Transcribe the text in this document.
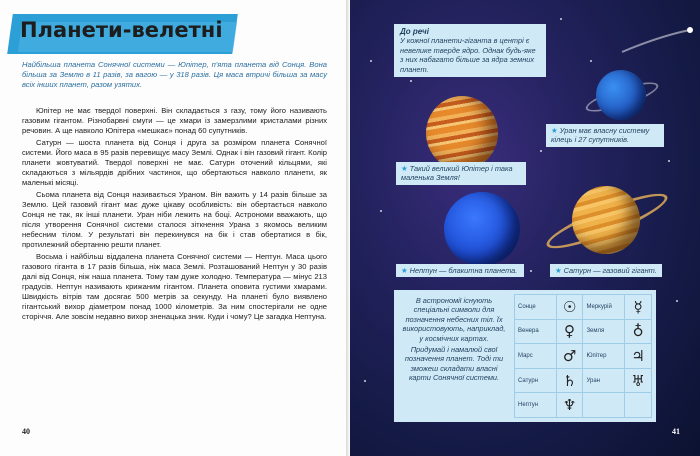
Планети-велетні

Найбільша планета Сонячної системи — Юпітер, п'ята планета від Сонця. Вона більша за Землю в 11 разів, за вагою — у 318 разів. Ця маса втричі більша за масу всіх інших планет, разом узятих.

Юпітер не має твердої поверхні. Він складається з газу, тому його називають газовим гігантом. Різнобарвні смуги — це хмари із замерзлими кристалами різних речовин. А ще навколо Юпітера «мешкає» понад 60 супутників.

Сатурн — шоста планета від Сонця і друга за розміром планета Сонячної системи. Його маса в 95 разів перевищує масу Землі. Однак і він газовий гігант. Колір планети жовтуватий. Твердої поверхні не має. Сатурн оточений кільцями, які складаються з мільярдів дрібних частинок, що обертаються навколо планети, як маленькі місяці.

Сьома планета від Сонця називається Ураном. Він важить у 14 разів більше за Землю. Цей газовий гігант має дуже цікаву особливість: він обертається навколо Сонця не так, як інші планети. Уран ніби лежить на боці. Астрономи вважають, що після утворення Сонячної системи сталося зіткнення Урана з якомось великим небесним тілом. У результаті він перекинувся на бік і став обертатися в бік, протилежний обертанню решти планет.

Восьма і найбільш віддалена планета Сонячної системи — Нептун. Маса цього газового гіганта в 17 разів більша, ніж маса Землі. Розташований Нептун у 30 разів далі від Сонця, ніж наша планета. Тому там дуже холодно. Температура — мінус 213 градусів. Нептун називають крижаним гігантом. Планета оповита густими хмарами. Швидкість вітрів там досягає 500 метрів за секунду. На планеті було виявлено гігантський вихор діаметром понад 1000 кілометрів. За ним спостерігали не одне сторіччя. Але зовсім недавно вихор зненацька зник. Куди і чому? Це загадка Нептуна.

40
До речі
У кожної планети-гіганта в центрі є невелике тверде ядро. Однак будь-яке з них набагато більше за ядра земних планет.
★ Уран має власну систему кілець і 27 супутників.
★ Такий великий Юпітер і така маленька Земля!
★ Нептун — блакитна планета.	★ Сатурн — газовий гігант.

В астрономії існують спеціальні символи для позначення небесних тіл. Їх використовують, наприклад, у космічних картах.

Придумай і намалюй свої позначення планет. Тоді ти зможеш складати власні карти Сонячної системи.

Сонце	☉	Меркурій	☿
Венера	♀	Земля	♁
Марс	♂	Юпітер	♃
Сатурн	♄	Уран	♅
Нептун	♆		
41
